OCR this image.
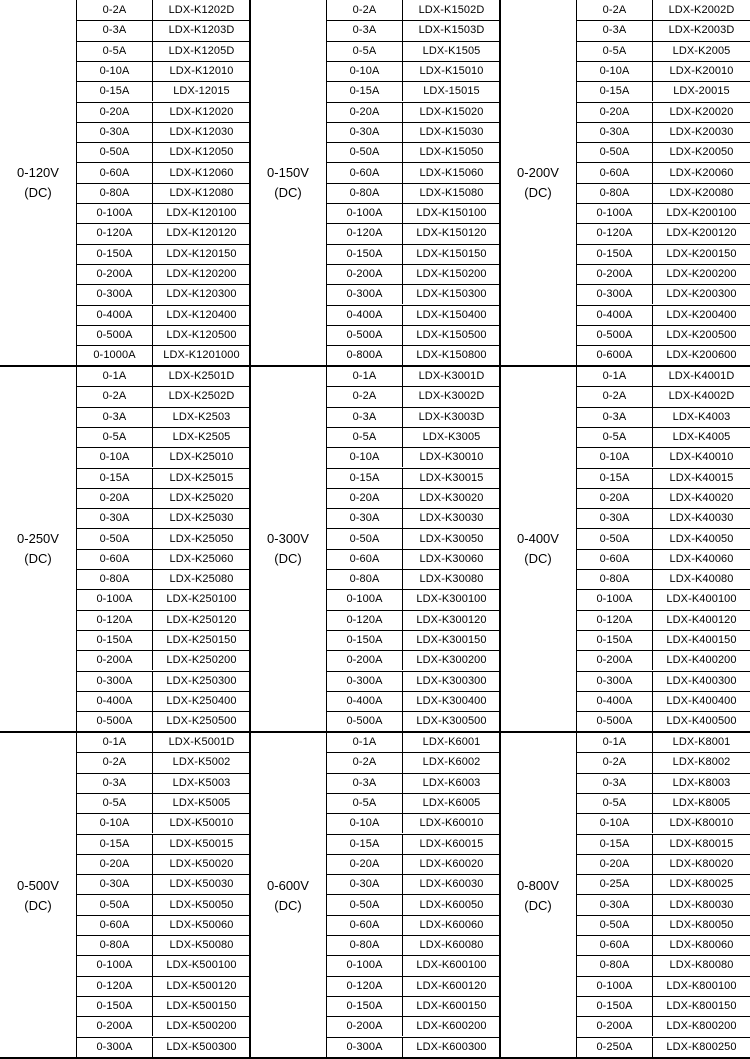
0-120V
(DC)
0-2A	LDX-K1202D
0-3A	LDX-K1203D
0-5A	LDX-K1205D
0-10A	LDX-K12010
0-15A	LDX-12015
0-20A	LDX-K12020
0-30A	LDX-K12030
0-50A	LDX-K12050
0-60A	LDX-K12060
0-80A	LDX-K12080
0-100A	LDX-K120100
0-120A	LDX-K120120
0-150A	LDX-K120150
0-200A	LDX-K120200
0-300A	LDX-K120300
0-400A	LDX-K120400
0-500A	LDX-K120500
0-1000A	LDX-K1201000
0-150V
(DC)
0-2A	LDX-K1502D
0-3A	LDX-K1503D
0-5A	LDX-K1505
0-10A	LDX-K15010
0-15A	LDX-15015
0-20A	LDX-K15020
0-30A	LDX-K15030
0-50A	LDX-K15050
0-60A	LDX-K15060
0-80A	LDX-K15080
0-100A	LDX-K150100
0-120A	LDX-K150120
0-150A	LDX-K150150
0-200A	LDX-K150200
0-300A	LDX-K150300
0-400A	LDX-K150400
0-500A	LDX-K150500
0-800A	LDX-K150800
0-200V
(DC)
0-2A	LDX-K2002D
0-3A	LDX-K2003D
0-5A	LDX-K2005
0-10A	LDX-K20010
0-15A	LDX-20015
0-20A	LDX-K20020
0-30A	LDX-K20030
0-50A	LDX-K20050
0-60A	LDX-K20060
0-80A	LDX-K20080
0-100A	LDX-K200100
0-120A	LDX-K200120
0-150A	LDX-K200150
0-200A	LDX-K200200
0-300A	LDX-K200300
0-400A	LDX-K200400
0-500A	LDX-K200500
0-600A	LDX-K200600
0-250V
(DC)
0-1A	LDX-K2501D
0-2A	LDX-K2502D
0-3A	LDX-K2503
0-5A	LDX-K2505
0-10A	LDX-K25010
0-15A	LDX-K25015
0-20A	LDX-K25020
0-30A	LDX-K25030
0-50A	LDX-K25050
0-60A	LDX-K25060
0-80A	LDX-K25080
0-100A	LDX-K250100
0-120A	LDX-K250120
0-150A	LDX-K250150
0-200A	LDX-K250200
0-300A	LDX-K250300
0-400A	LDX-K250400
0-500A	LDX-K250500
0-300V
(DC)
0-1A	LDX-K3001D
0-2A	LDX-K3002D
0-3A	LDX-K3003D
0-5A	LDX-K3005
0-10A	LDX-K30010
0-15A	LDX-K30015
0-20A	LDX-K30020
0-30A	LDX-K30030
0-50A	LDX-K30050
0-60A	LDX-K30060
0-80A	LDX-K30080
0-100A	LDX-K300100
0-120A	LDX-K300120
0-150A	LDX-K300150
0-200A	LDX-K300200
0-300A	LDX-K300300
0-400A	LDX-K300400
0-500A	LDX-K300500
0-400V
(DC)
0-1A	LDX-K4001D
0-2A	LDX-K4002D
0-3A	LDX-K4003
0-5A	LDX-K4005
0-10A	LDX-K40010
0-15A	LDX-K40015
0-20A	LDX-K40020
0-30A	LDX-K40030
0-50A	LDX-K40050
0-60A	LDX-K40060
0-80A	LDX-K40080
0-100A	LDX-K400100
0-120A	LDX-K400120
0-150A	LDX-K400150
0-200A	LDX-K400200
0-300A	LDX-K400300
0-400A	LDX-K400400
0-500A	LDX-K400500
0-500V
(DC)
0-1A	LDX-K5001D
0-2A	LDX-K5002
0-3A	LDX-K5003
0-5A	LDX-K5005
0-10A	LDX-K50010
0-15A	LDX-K50015
0-20A	LDX-K50020
0-30A	LDX-K50030
0-50A	LDX-K50050
0-60A	LDX-K50060
0-80A	LDX-K50080
0-100A	LDX-K500100
0-120A	LDX-K500120
0-150A	LDX-K500150
0-200A	LDX-K500200
0-300A	LDX-K500300
0-600V
(DC)
0-1A	LDX-K6001
0-2A	LDX-K6002
0-3A	LDX-K6003
0-5A	LDX-K6005
0-10A	LDX-K60010
0-15A	LDX-K60015
0-20A	LDX-K60020
0-30A	LDX-K60030
0-50A	LDX-K60050
0-60A	LDX-K60060
0-80A	LDX-K60080
0-100A	LDX-K600100
0-120A	LDX-K600120
0-150A	LDX-K600150
0-200A	LDX-K600200
0-300A	LDX-K600300
0-800V
(DC)
0-1A	LDX-K8001
0-2A	LDX-K8002
0-3A	LDX-K8003
0-5A	LDX-K8005
0-10A	LDX-K80010
0-15A	LDX-K80015
0-20A	LDX-K80020
0-25A	LDX-K80025
0-30A	LDX-K80030
0-50A	LDX-K80050
0-60A	LDX-K80060
0-80A	LDX-K80080
0-100A	LDX-K800100
0-150A	LDX-K800150
0-200A	LDX-K800200
0-250A	LDX-K800250
